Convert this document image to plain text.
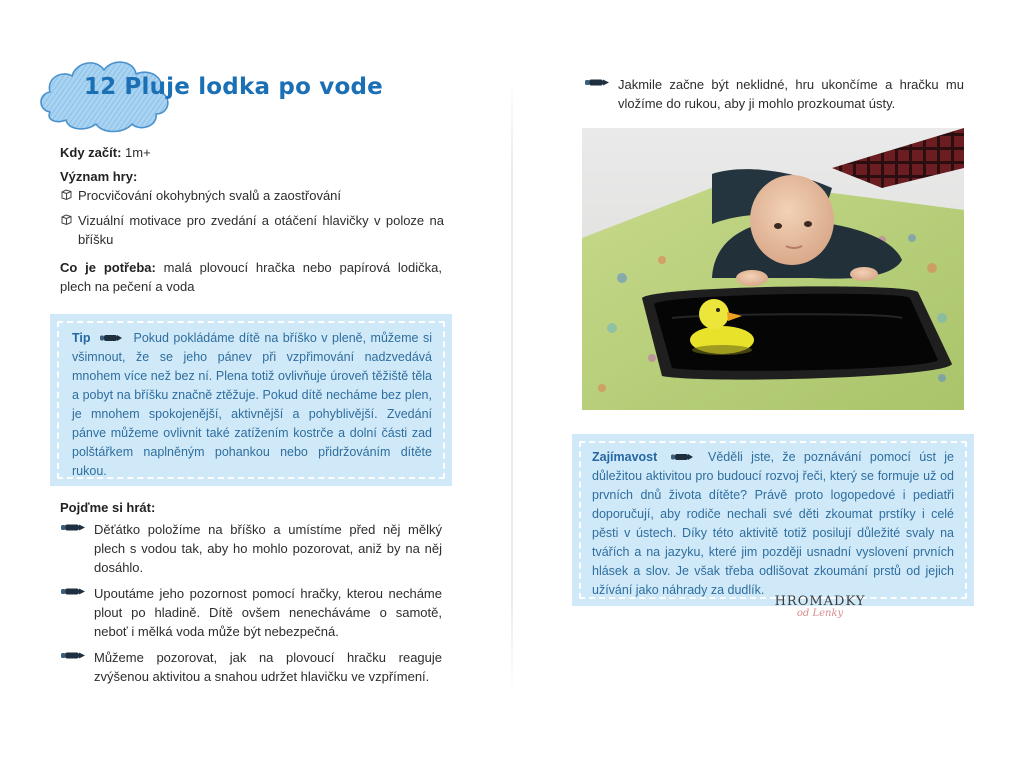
12 Pluje lodka po vode
Kdy začít: 1m+
Význam hry:
Procvičování okohybných svalů a zaostřování
Vizuální motivace pro zvedání a otáčení hlavičky v poloze na bříšku
Co je potřeba: malá plovoucí hračka nebo papírová lodička, plech na pečení a voda
Tip	Pokud pokládáme dítě na bříško v pleně, můžeme si všimnout, že se jeho pánev při vzpřimování nadzvedává mnohem více než bez ní. Plena totiž ovlivňuje úroveň těžiště těla a pobyt na bříšku značně ztěžuje. Pokud dítě necháme bez plen, je mnohem spokojenější, aktivnější a pohyblivější. Zvedání pánve můžeme ovlivnit také zatížením kostrče a dolní části zad polštářkem naplněným pohankou nebo přidržováním dítěte rukou.
Pojďme si hrát:
Děťátko položíme na bříško a umístíme před něj mělký plech s vodou tak, aby ho mohlo pozorovat, aniž by na něj dosáhlo.
Upoutáme jeho pozornost pomocí hračky, kterou necháme plout po hladině. Dítě ovšem nenecháváme o samotě, neboť i mělká voda může být nebezpečná.
Můžeme pozorovat, jak na plovoucí hračku reaguje zvýšenou aktivitou a snahou udržet hlavičku ve vzpřímení.
Jakmile začne být neklidné, hru ukončíme a hračku mu vložíme do rukou, aby ji mohlo prozkoumat ústy.
Zajímavost	Věděli jste, že poznávání pomocí úst je důležitou aktivitou pro budoucí rozvoj řeči, který se formuje už od prvních dnů života dítěte? Právě proto logopedové i pediatři doporučují, aby rodiče nechali své děti zkoumat prstíky i celé pěsti v ústech. Díky této aktivitě totiž posilují důležité svaly na tvářích a na jazyku, které jim později usnadní vyslovení prvních hlásek a slov. Je však třeba odlišovat zkoumání prstů od jejich užívání jako náhrady za dudlík.
HROMADKY
od Lenky
